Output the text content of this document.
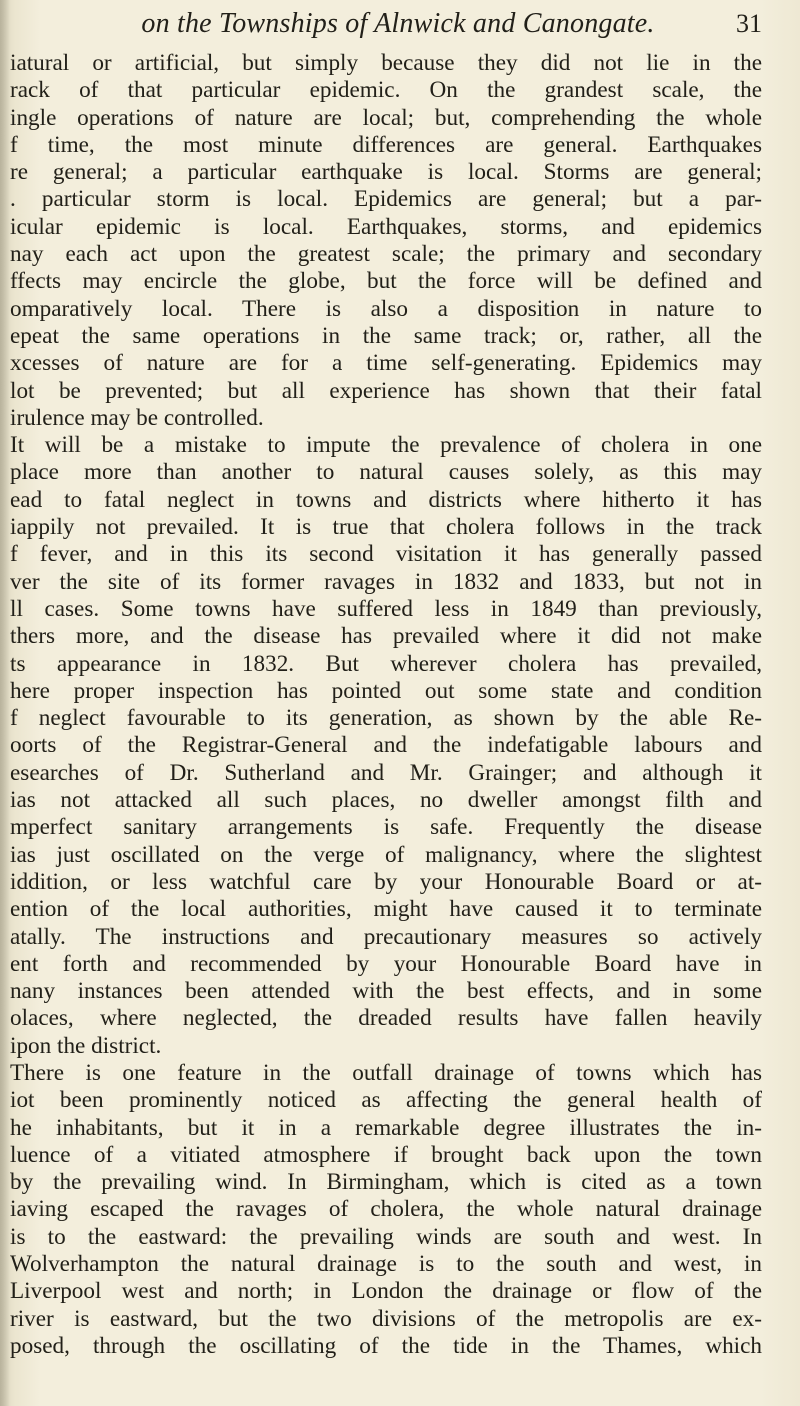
on the Townships of Alnwick and Canongate.	31
iatural or artificial, but simply because they did not lie in the
rack of that particular epidemic. On the grandest scale, the
ingle operations of nature are local; but, comprehending the whole
f time, the most minute differences are general. Earthquakes
re general; a particular earthquake is local. Storms are general;
. particular storm is local. Epidemics are general; but a par-
icular epidemic is local. Earthquakes, storms, and epidemics
nay each act upon the greatest scale; the primary and secondary
ffects may encircle the globe, but the force will be defined and
omparatively local. There is also a disposition in nature to
epeat the same operations in the same track; or, rather, all the
xcesses of nature are for a time self-generating. Epidemics may
lot be prevented; but all experience has shown that their fatal
irulence may be controlled.
It will be a mistake to impute the prevalence of cholera in one
place more than another to natural causes solely, as this may
ead to fatal neglect in towns and districts where hitherto it has
iappily not prevailed. It is true that cholera follows in the track
f fever, and in this its second visitation it has generally passed
ver the site of its former ravages in 1832 and 1833, but not in
ll cases. Some towns have suffered less in 1849 than previously,
thers more, and the disease has prevailed where it did not make
ts appearance in 1832. But wherever cholera has prevailed,
here proper inspection has pointed out some state and condition
f neglect favourable to its generation, as shown by the able Re-
oorts of the Registrar-General and the indefatigable labours and
esearches of Dr. Sutherland and Mr. Grainger; and although it
ias not attacked all such places, no dweller amongst filth and
mperfect sanitary arrangements is safe. Frequently the disease
ias just oscillated on the verge of malignancy, where the slightest
iddition, or less watchful care by your Honourable Board or at-
ention of the local authorities, might have caused it to terminate
atally. The instructions and precautionary measures so actively
ent forth and recommended by your Honourable Board have in
nany instances been attended with the best effects, and in some
olaces, where neglected, the dreaded results have fallen heavily
ipon the district.
There is one feature in the outfall drainage of towns which has
iot been prominently noticed as affecting the general health of
he inhabitants, but it in a remarkable degree illustrates the in-
luence of a vitiated atmosphere if brought back upon the town
by the prevailing wind. In Birmingham, which is cited as a town
iaving escaped the ravages of cholera, the whole natural drainage
is to the eastward: the prevailing winds are south and west. In
Wolverhampton the natural drainage is to the south and west, in
Liverpool west and north; in London the drainage or flow of the
river is eastward, but the two divisions of the metropolis are ex-
posed, through the oscillating of the tide in the Thames, which
